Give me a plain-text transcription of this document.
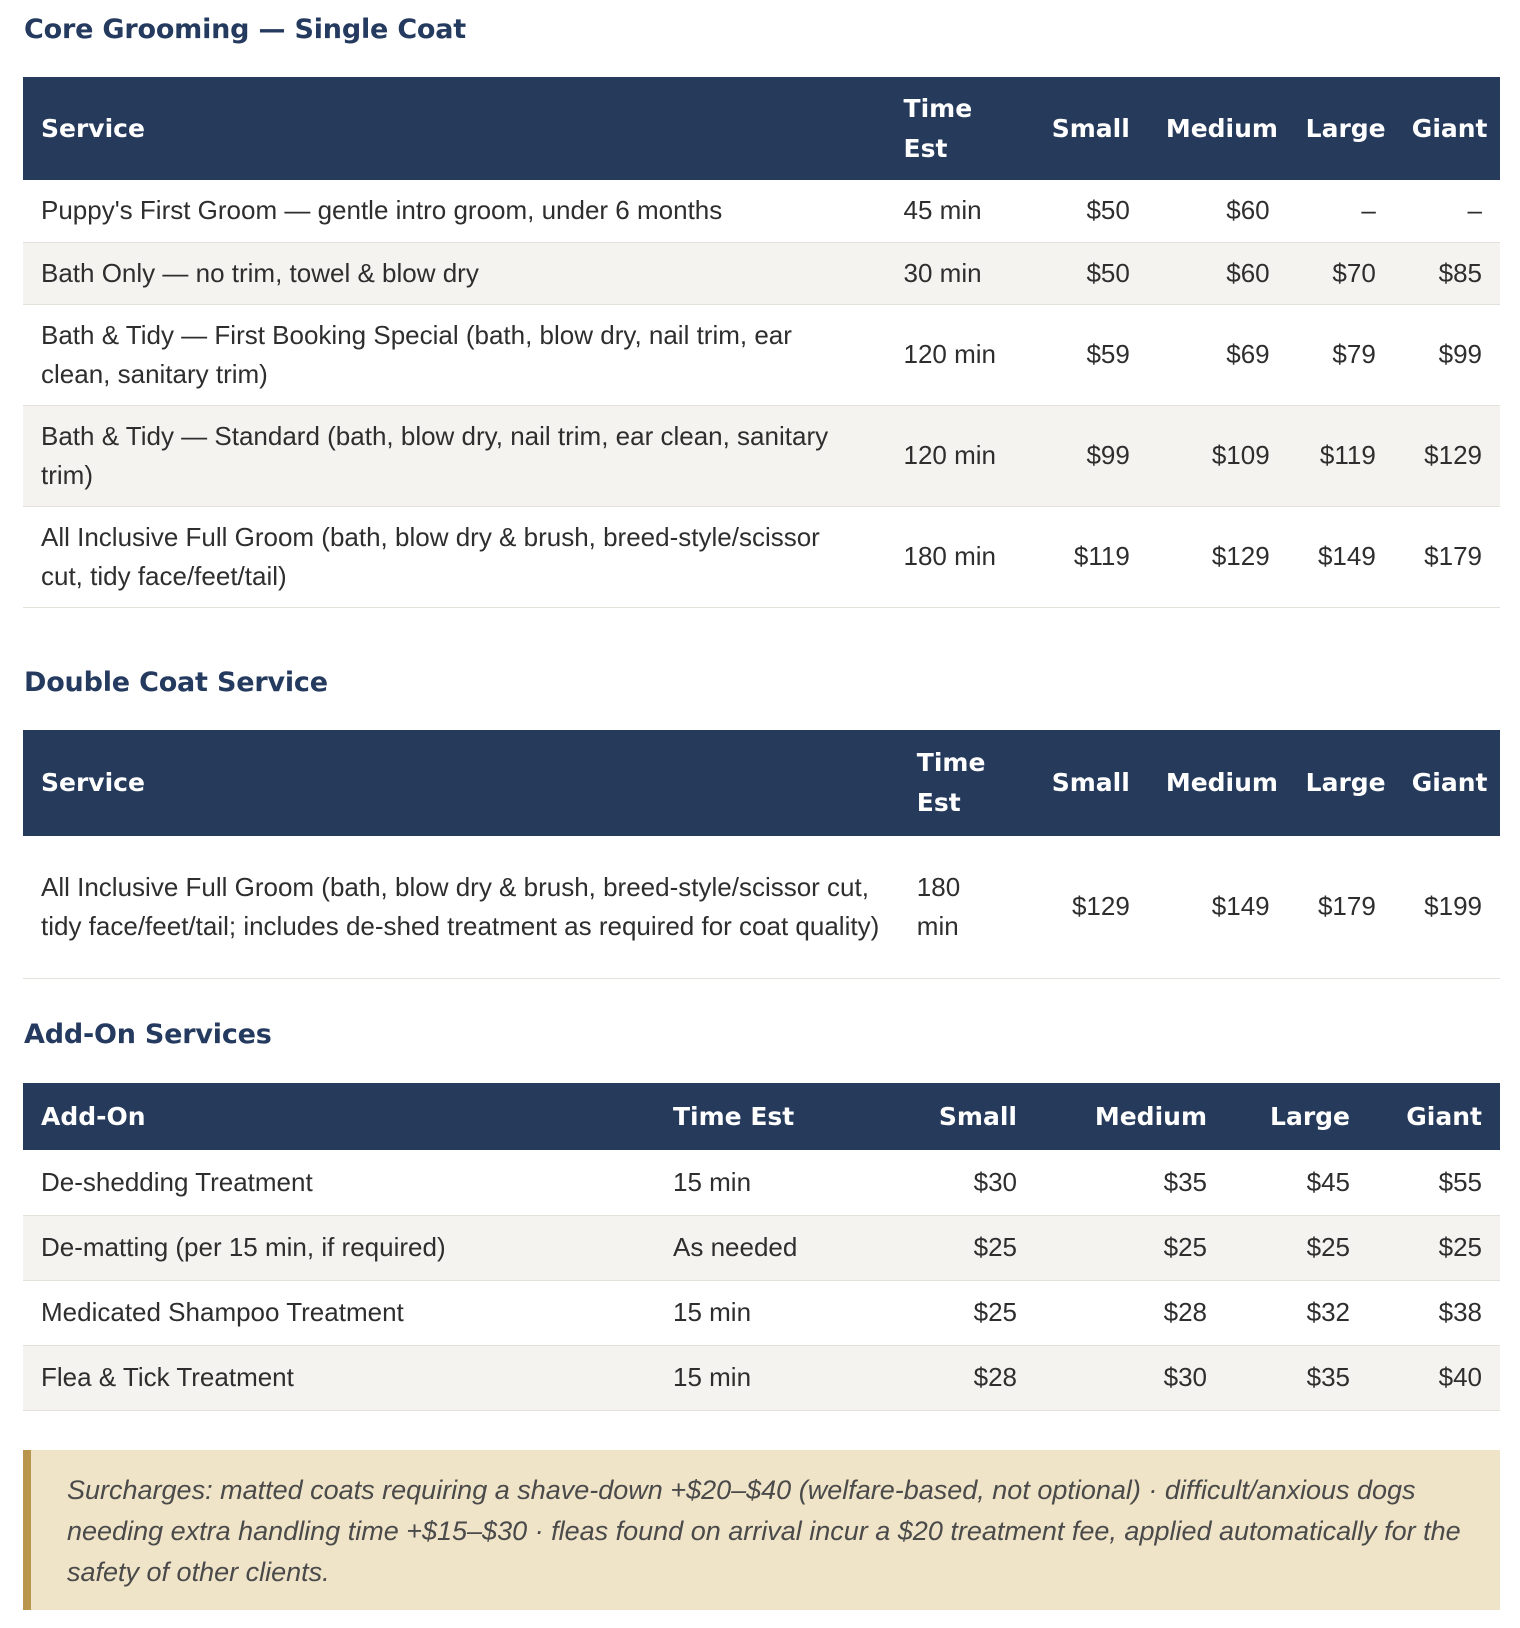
Core Grooming — Single Coat
Service	Time Est	Small	Medium	Large	Giant
Puppy's First Groom — gentle intro groom, under 6 months	45 min	$50	$60	–	–
Bath Only — no trim, towel & blow dry	30 min	$50	$60	$70	$85
Bath & Tidy — First Booking Special (bath, blow dry, nail trim, ear clean, sanitary trim)	120 min	$59	$69	$79	$99
Bath & Tidy — Standard (bath, blow dry, nail trim, ear clean, sanitary trim)	120 min	$99	$109	$119	$129
All Inclusive Full Groom (bath, blow dry & brush, breed-style/scissor cut, tidy face/feet/tail)	180 min	$119	$129	$149	$179
Double Coat Service
Service	Time Est	Small	Medium	Large	Giant
All Inclusive Full Groom (bath, blow dry & brush, breed-style/scissor cut, tidy face/feet/tail; includes de-shed treatment as required for coat quality)	180 min	$129	$149	$179	$199
Add-On Services
Add-On	Time Est	Small	Medium	Large	Giant
De-shedding Treatment	15 min	$30	$35	$45	$55
De-matting (per 15 min, if required)	As needed	$25	$25	$25	$25
Medicated Shampoo Treatment	15 min	$25	$28	$32	$38
Flea & Tick Treatment	15 min	$28	$30	$35	$40

Surcharges: matted coats requiring a shave-down +$20–$40 (welfare-based, not optional) · difficult/anxious dogs needing extra handling time +$15–$30 · fleas found on arrival incur a $20 treatment fee, applied automatically for the safety of other clients.
